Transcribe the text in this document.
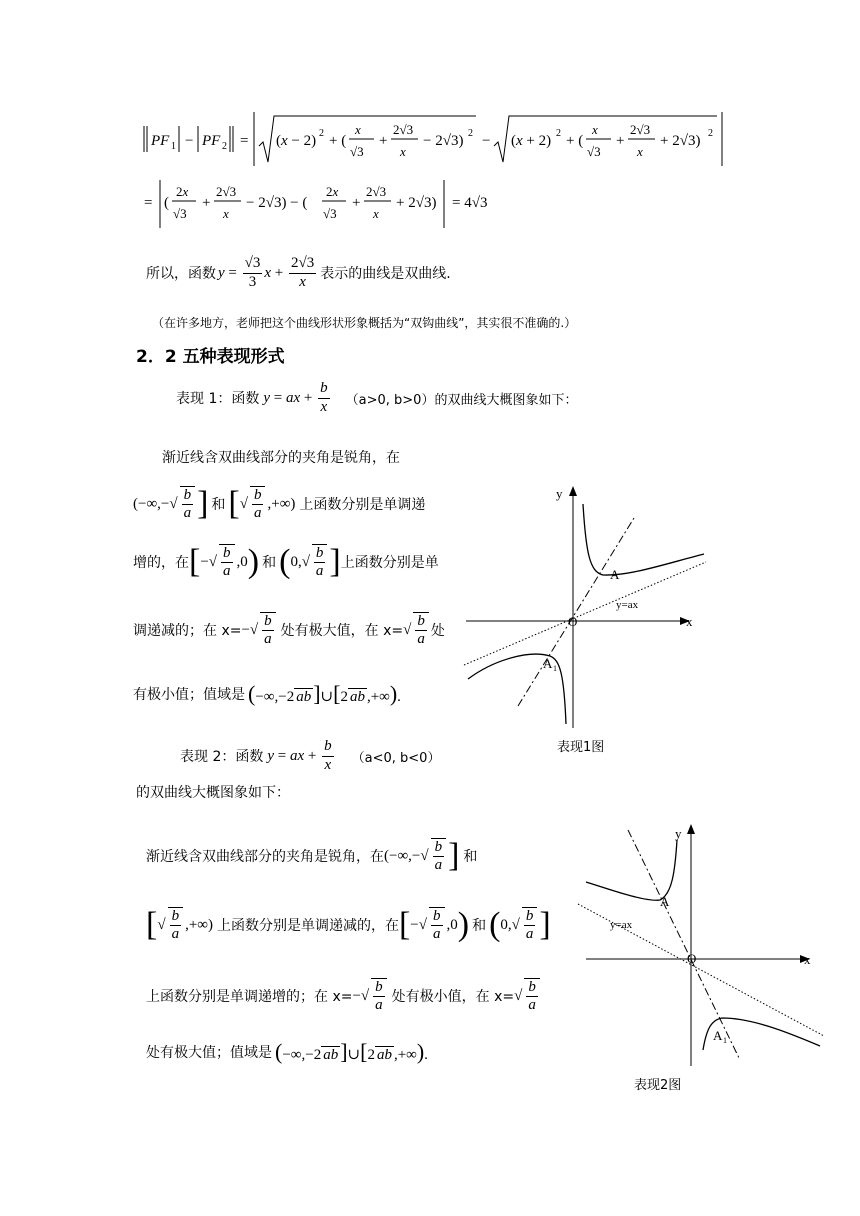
PF 1 − PF 2 = (x − 2) 2 + (
x
√3
+
2√3
x
− 2√3) 2 − (x + 2) 2 + (
x
√3
+
2√3
x
+ 2√3) 2
= (
2x
√3
+
2√3
x
− 2√3) − (
2x
√3
+
2√3
x
+ 2√3) = 4√3
所以，函数 $y = \frac{√3}{3}$ $x + \frac{2√3}{x}$ 表示的曲线是双曲线.
（在许多地方，老师把这个曲线形状形象概括为“双钩曲线”，其实很不准确的.）
2．2 五种表现形式
表现 1：函数 y = ax + $\frac{b}{x} (a>0$, b>0）的双曲线大概图象如下：
渐近线含双曲线部分的夹角是锐角，在
(−∞,− √ $\frac{b}{a}$ ] 和 [ √ $\frac{b}{a}$ ,+∞) 上函数分别是单调递
增的，在 [ −√ $\frac{b}{a} ,0$ ) 和 ( $0,√ \frac{b}{a}$ ] 上函数分别是单
调递减的；在 x= −√ $\frac{b}{a}$ 处有极大值，在 x= √ $\frac{b}{a}$ 处
有极小值；值域是 (−∞,−2 ab]∪[2 ab ,+∞).
y
x
O
A
y=ax
A 1
表现1图
表现 2：函数 y = ax + $\frac{b}{x} (a<0$, b<0）
的双曲线大概图象如下：
渐近线含双曲线部分的夹角是锐角，在 (−∞,−√ $\frac{b}{a}$ ] 和
[ √ $\frac{b}{a}$ ,+∞) 上函数分别是单调递减的，在 [ −√ $\frac{b}{a} ,0$ ) 和 ( $0,√ \frac{b}{a}$ ]
上函数分别是单调递增的；在 x= −√ $\frac{b}{a}$ 处有极小值，在 x= √ $\frac{b}{a}$
处有极大值；值域是 (−∞,−2 ab]∪[2 ab ,+∞).
y
x
O
A
y=ax
A 1
表现2图
